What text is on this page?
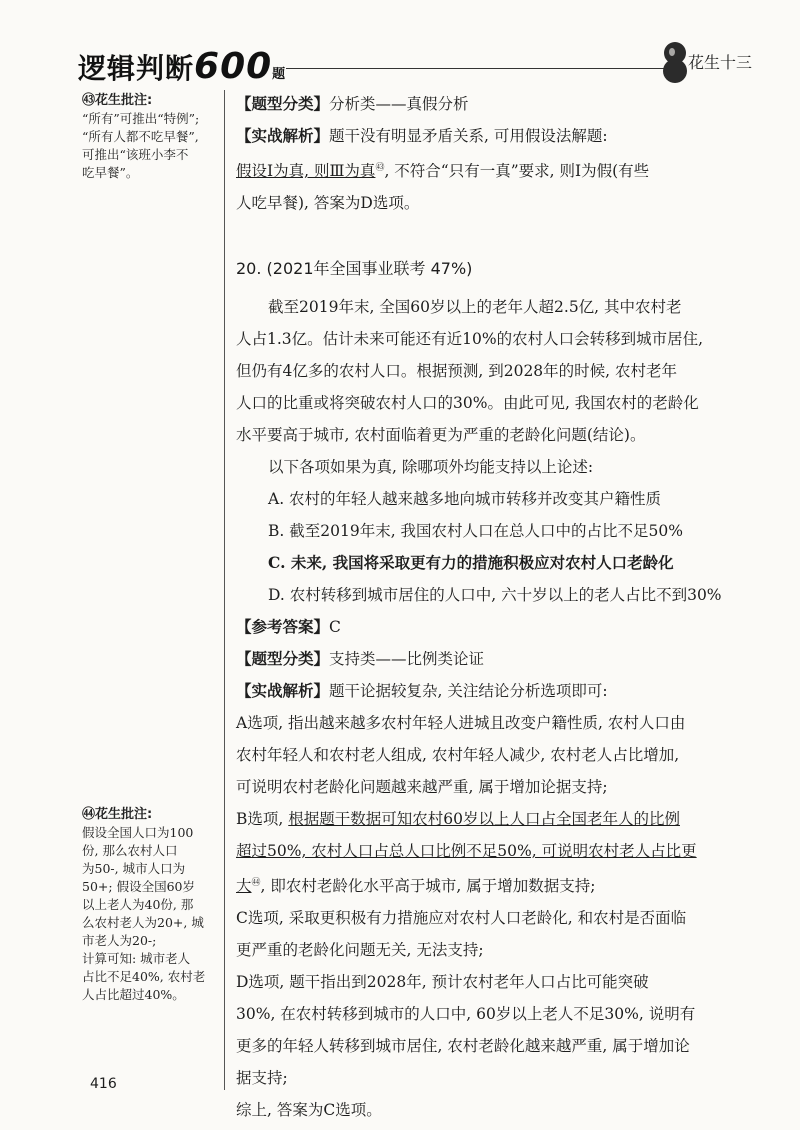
逻辑判断600题
花生十三
㊸花生批注:
“所有”可推出“特例”;
“所有人都不吃早餐”,
可推出“该班小李不
吃早餐”。
㊹花生批注:
假设全国人口为100
份, 那么农村人口
为50-, 城市人口为
50+; 假设全国60岁
以上老人为40份, 那
么农村老人为20+, 城
市老人为20-;
计算可知: 城市老人
占比不足40%, 农村老
人占比超过40%。
【题型分类】分析类——真假分析
【实战解析】题干没有明显矛盾关系, 可用假设法解题:
假设Ⅰ为真, 则Ⅲ为真$^㊸$, 不符合“只有一真”要求, 则Ⅰ为假(有些
人吃早餐), 答案为D选项。
20. (2021年全国事业联考 47%)
截至2019年末, 全国60岁以上的老年人超2.5亿, 其中农村老
人占1.3亿。估计未来可能还有近10%的农村人口会转移到城市居住,
但仍有4亿多的农村人口。根据预测, 到2028年的时候, 农村老年
人口的比重或将突破农村人口的30%。由此可见, 我国农村的老龄化
水平要高于城市, 农村面临着更为严重的老龄化问题(结论)。
以下各项如果为真, 除哪项外均能支持以上论述:
A. 农村的年轻人越来越多地向城市转移并改变其户籍性质
B. 截至2019年末, 我国农村人口在总人口中的占比不足50%
C. 未来, 我国将采取更有力的措施积极应对农村人口老龄化
D. 农村转移到城市居住的人口中, 六十岁以上的老人占比不到30%
【参考答案】C
【题型分类】支持类——比例类论证
【实战解析】题干论据较复杂, 关注结论分析选项即可:
A选项, 指出越来越多农村年轻人进城且改变户籍性质, 农村人口由
农村年轻人和农村老人组成, 农村年轻人减少, 农村老人占比增加,
可说明农村老龄化问题越来越严重, 属于增加论据支持;
B选项, 根据题干数据可知农村60岁以上人口占全国老年人的比例
超过50%, 农村人口占总人口比例不足50%, 可说明农村老人占比更
大$^㊹$, 即农村老龄化水平高于城市, 属于增加数据支持;
C选项, 采取更积极有力措施应对农村人口老龄化, 和农村是否面临
更严重的老龄化问题无关, 无法支持;
D选项, 题干指出到2028年, 预计农村老年人口占比可能突破
30%, 在农村转移到城市的人口中, 60岁以上老人不足30%, 说明有
更多的年轻人转移到城市居住, 农村老龄化越来越严重, 属于增加论
据支持;
综上, 答案为C选项。
416
